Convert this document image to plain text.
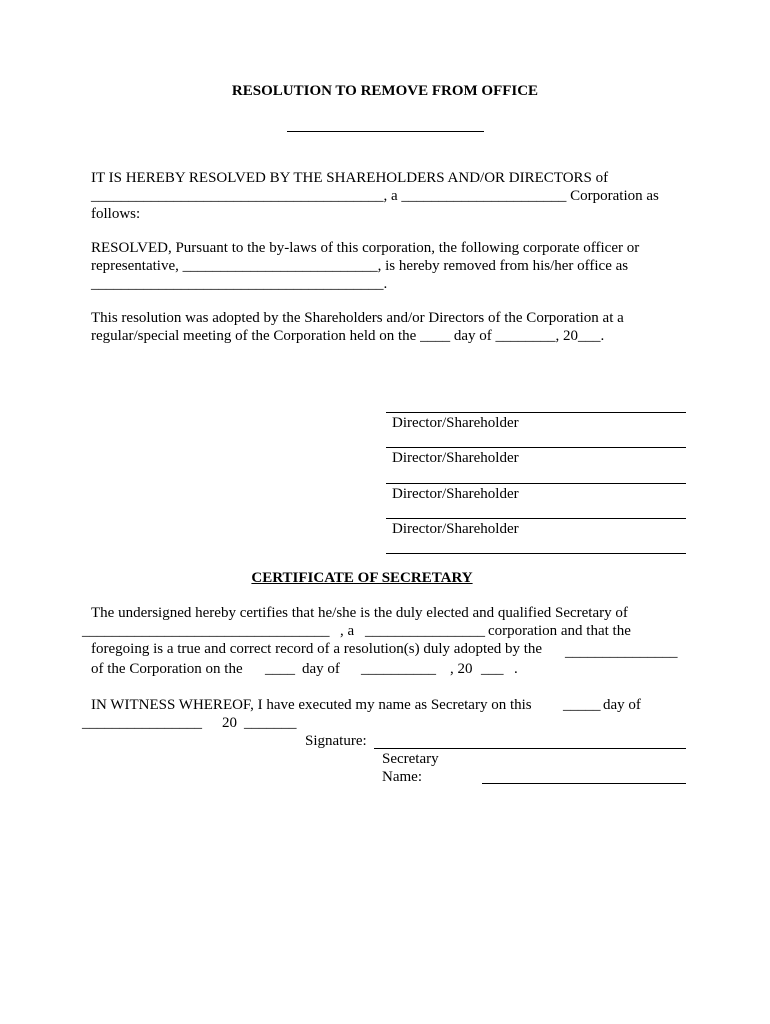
RESOLUTION TO REMOVE FROM OFFICE
IT IS HEREBY RESOLVED BY THE SHAREHOLDERS AND/OR DIRECTORS of
_______________________________________, a ______________________ Corporation as
follows:
RESOLVED, Pursuant to the by-laws of this corporation, the following corporate officer or
representative, __________________________, is hereby removed from his/her office as
_______________________________________.
This resolution was adopted by the Shareholders and/or Directors of the Corporation at a
regular/special meeting of the Corporation held on the ____ day of ________, 20___.
Director/Shareholder
Director/Shareholder
Director/Shareholder
Director/Shareholder
CERTIFICATE OF SECRETARY
The undersigned hereby certifies that he/she is the duly elected and qualified Secretary of
_________________________________ , a ________________ corporation and that the
foregoing is a true and correct record of a resolution(s) duly adopted by the _______________
of the Corporation on the ____ day of __________ , 20 ___ .
IN WITNESS WHEREOF, I have executed my name as Secretary on this _____ day of
________________ 20 _______
Signature:
Secretary
Name:
